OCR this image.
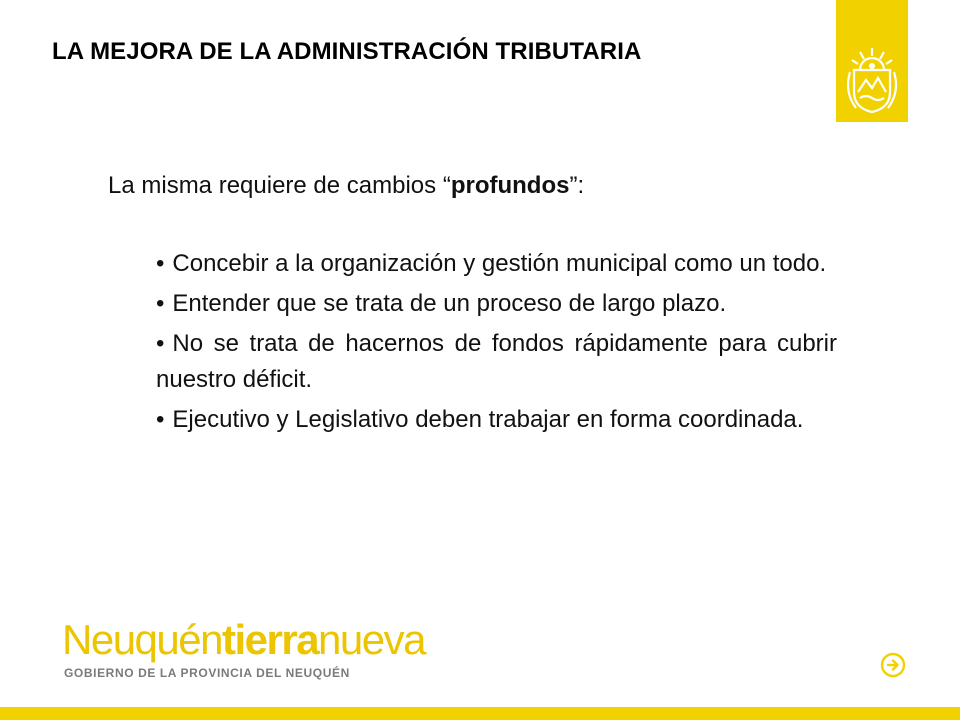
LA MEJORA DE LA ADMINISTRACIÓN TRIBUTARIA
La misma requiere de cambios “profundos”:
• Concebir a la organización y gestión municipal como un todo.
• Entender que se trata de un proceso de largo plazo.
• No se trata de hacernos de fondos rápidamente para cubrir nuestro déficit.
• Ejecutivo y Legislativo deben trabajar en forma coordinada.
Neuquéntierranueva
GOBIERNO DE LA PROVINCIA DEL NEUQUÉN
